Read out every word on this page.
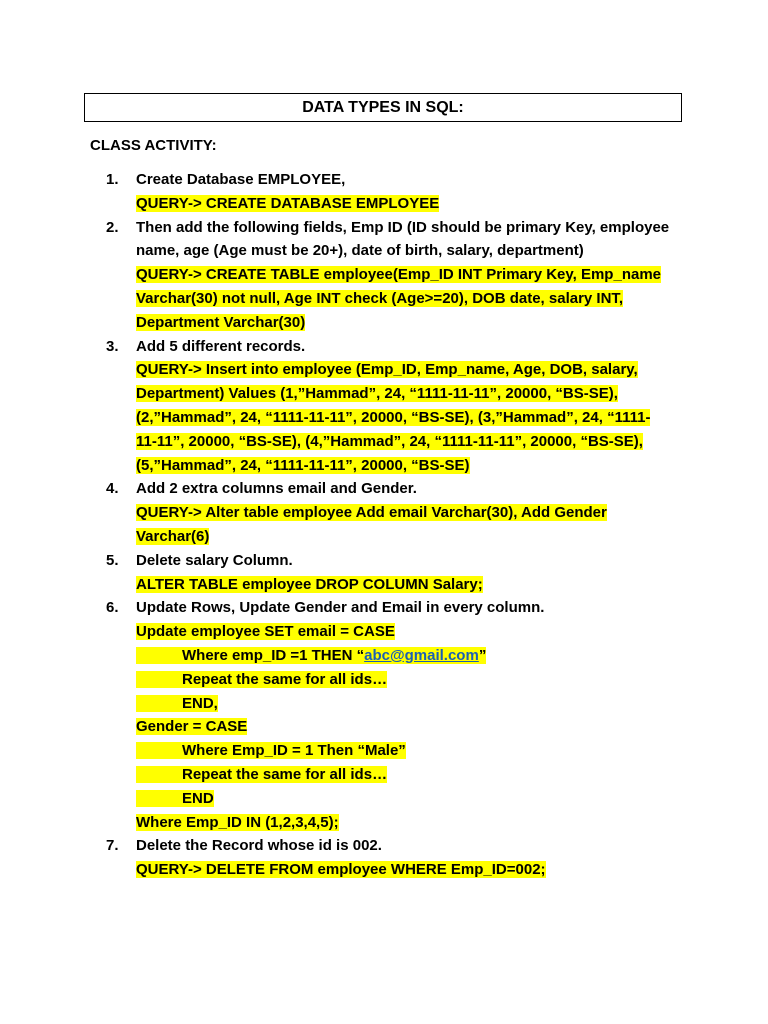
DATA TYPES IN SQL:
CLASS ACTIVITY:
1. Create Database EMPLOYEE,
QUERY-> CREATE DATABASE EMPLOYEE
2. Then add the following fields, Emp ID (ID should be primary Key, employee name, age (Age must be 20+), date of birth, salary, department)
QUERY-> CREATE TABLE employee(Emp_ID INT Primary Key, Emp_name
Varchar(30) not null, Age INT check (Age>=20), DOB date, salary INT,
Department Varchar(30)
3. Add 5 different records.
QUERY-> Insert into employee (Emp_ID, Emp_name, Age, DOB, salary,
Department) Values (1,”Hammad”, 24, “1111-11-11”, 20000, “BS-SE),
(2,”Hammad”, 24, “1111-11-11”, 20000, “BS-SE), (3,”Hammad”, 24, “1111-
11-11”, 20000, “BS-SE), (4,”Hammad”, 24, “1111-11-11”, 20000, “BS-SE),
(5,”Hammad”, 24, “1111-11-11”, 20000, “BS-SE)
4. Add 2 extra columns email and Gender.
QUERY-> Alter table employee Add email Varchar(30), Add Gender
Varchar(6)
5. Delete salary Column.
ALTER TABLE employee DROP COLUMN Salary;
6. Update Rows, Update Gender and Email in every column.
Update employee SET email = CASE
Where emp_ID =1 THEN “abc@gmail.com”
Repeat the same for all ids…
END,
Gender = CASE
Where Emp_ID = 1 Then “Male”
Repeat the same for all ids…
END
Where Emp_ID IN (1,2,3,4,5);
7. Delete the Record whose id is 002.
QUERY-> DELETE FROM employee WHERE Emp_ID=002;
